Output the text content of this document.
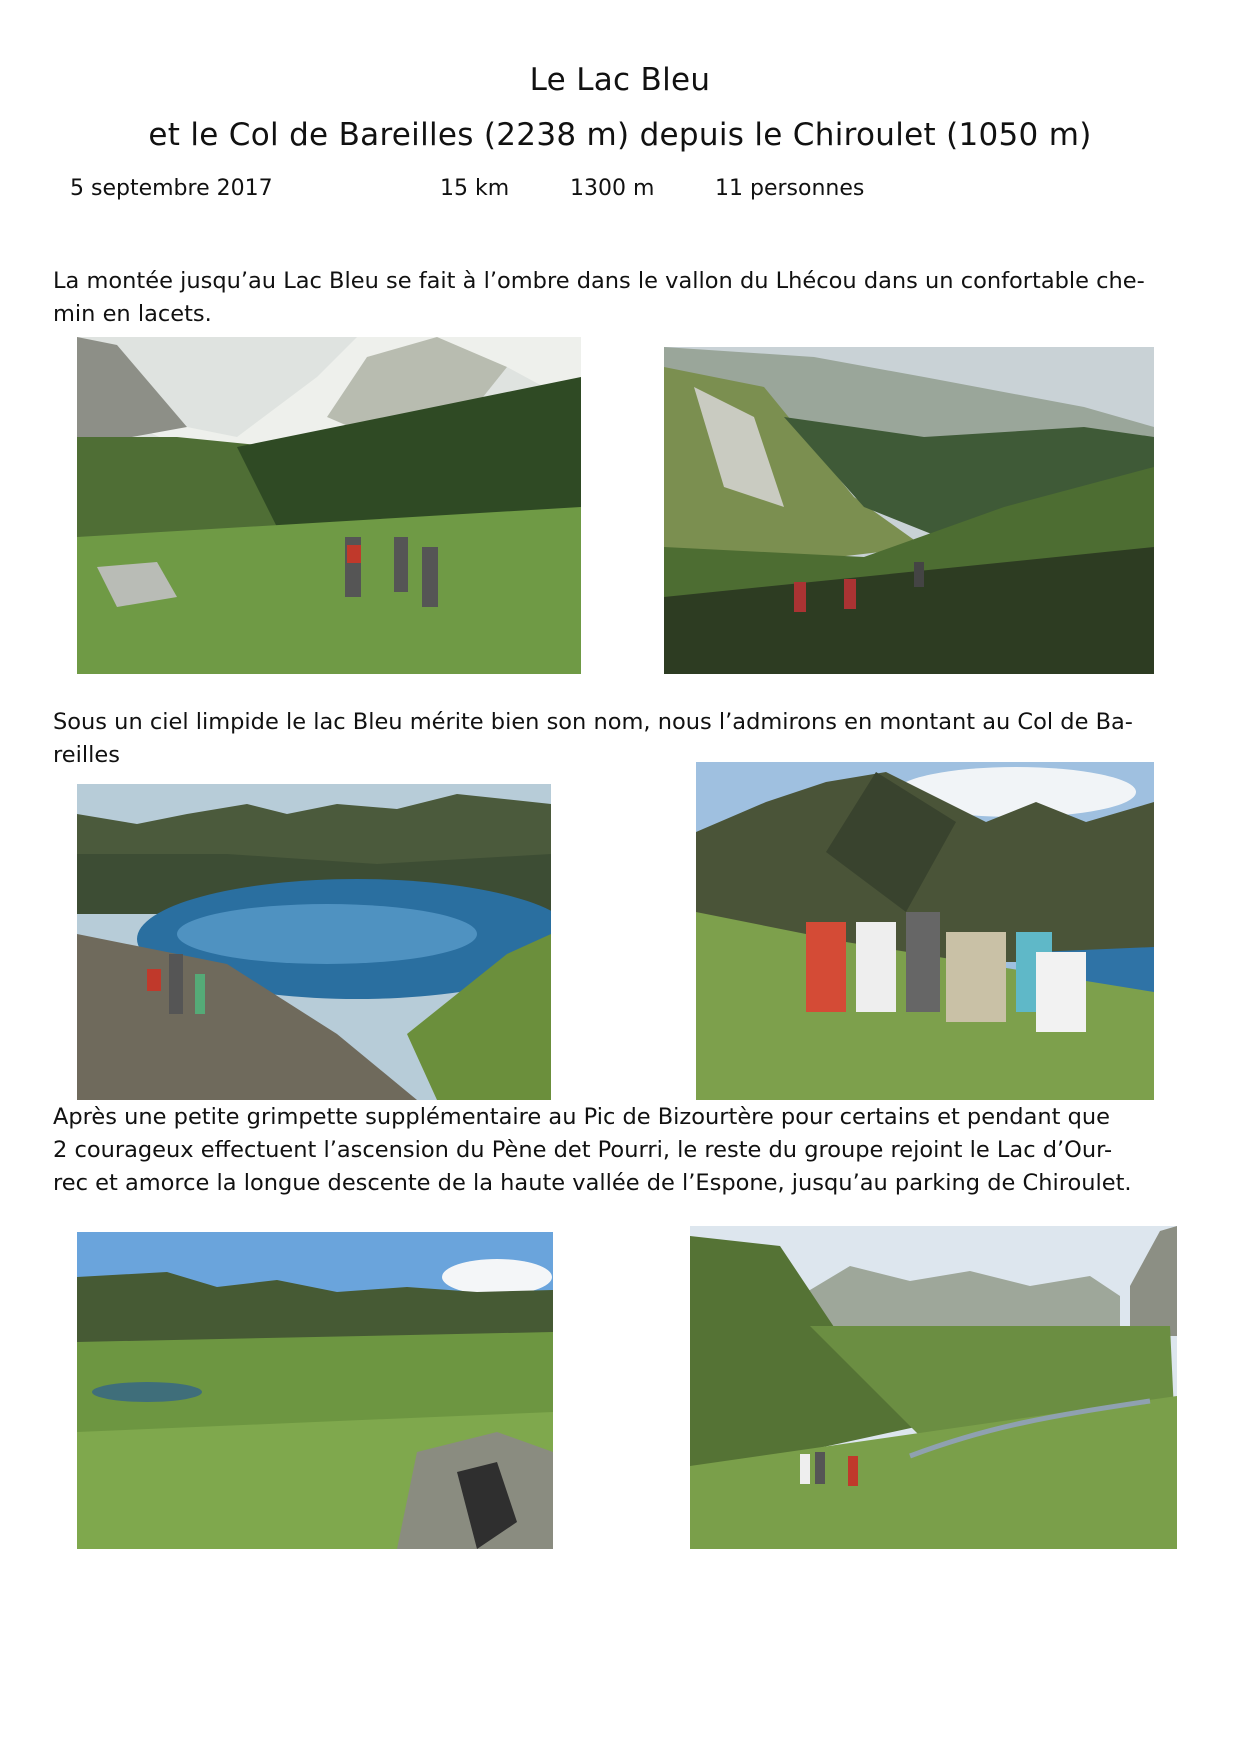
Le Lac Bleu
et le Col de Bareilles (2238 m) depuis le Chiroulet (1050 m)
5 septembre 2017	15 km	1300 m	11 personnes
La montée jusqu’au Lac Bleu se fait à l’ombre dans le vallon du Lhécou dans un confortable che-
min en lacets.
Sous un ciel limpide le lac Bleu mérite bien son nom, nous l’admirons en montant au Col de Ba-
reilles
Après une petite grimpette supplémentaire au Pic de Bizourtère pour certains et pendant que
2 courageux effectuent l’ascension du Pène det Pourri, le reste du groupe rejoint le Lac d’Our-
rec et amorce la longue descente de la haute vallée de l’Espone, jusqu’au parking de Chiroulet.
